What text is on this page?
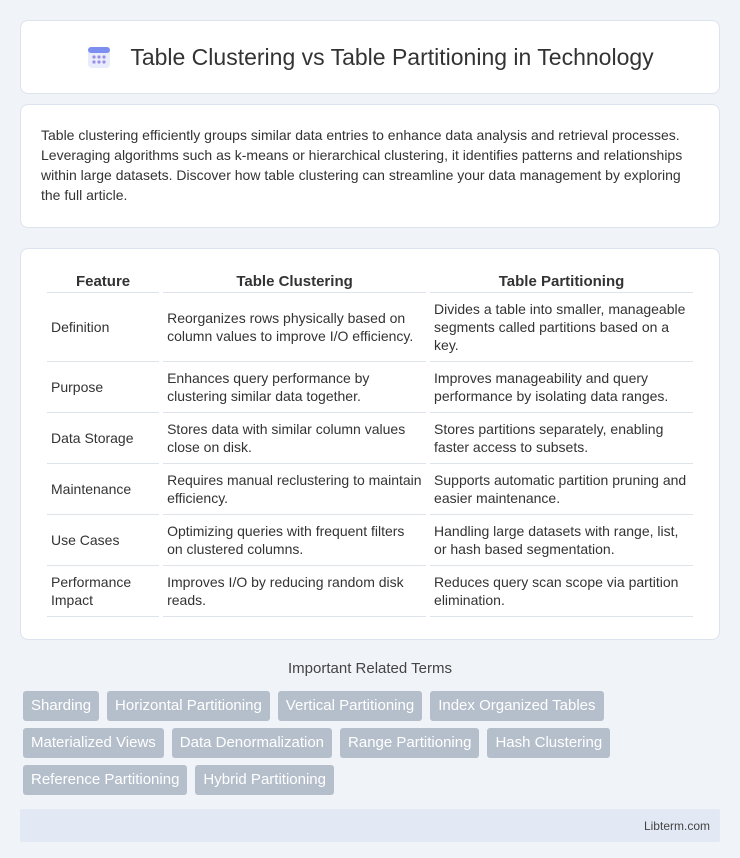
Table Clustering vs Table Partitioning in Technology

Table clustering efficiently groups similar data entries to enhance data analysis and retrieval processes. Leveraging algorithms such as k-means or hierarchical clustering, it identifies patterns and relationships within large datasets. Discover how table clustering can streamline your data management by exploring the full article.

Feature	Table Clustering	Table Partitioning
Definition	Reorganizes rows physically based on column values to improve I/O efficiency.	Divides a table into smaller, manageable segments called partitions based on a key.
Purpose	Enhances query performance by clustering similar data together.	Improves manageability and query performance by isolating data ranges.
Data Storage	Stores data with similar column values close on disk.	Stores partitions separately, enabling faster access to subsets.
Maintenance	Requires manual reclustering to maintain efficiency.	Supports automatic partition pruning and easier maintenance.
Use Cases	Optimizing queries with frequent filters on clustered columns.	Handling large datasets with range, list, or hash based segmentation.
Performance Impact	Improves I/O by reducing random disk reads.	Reduces query scan scope via partition elimination.
Important Related Terms
Sharding	Horizontal Partitioning	Vertical Partitioning	Index Organized Tables
Materialized Views	Data Denormalization	Range Partitioning	Hash Clustering
Reference Partitioning	Hybrid Partitioning
Libterm.com
